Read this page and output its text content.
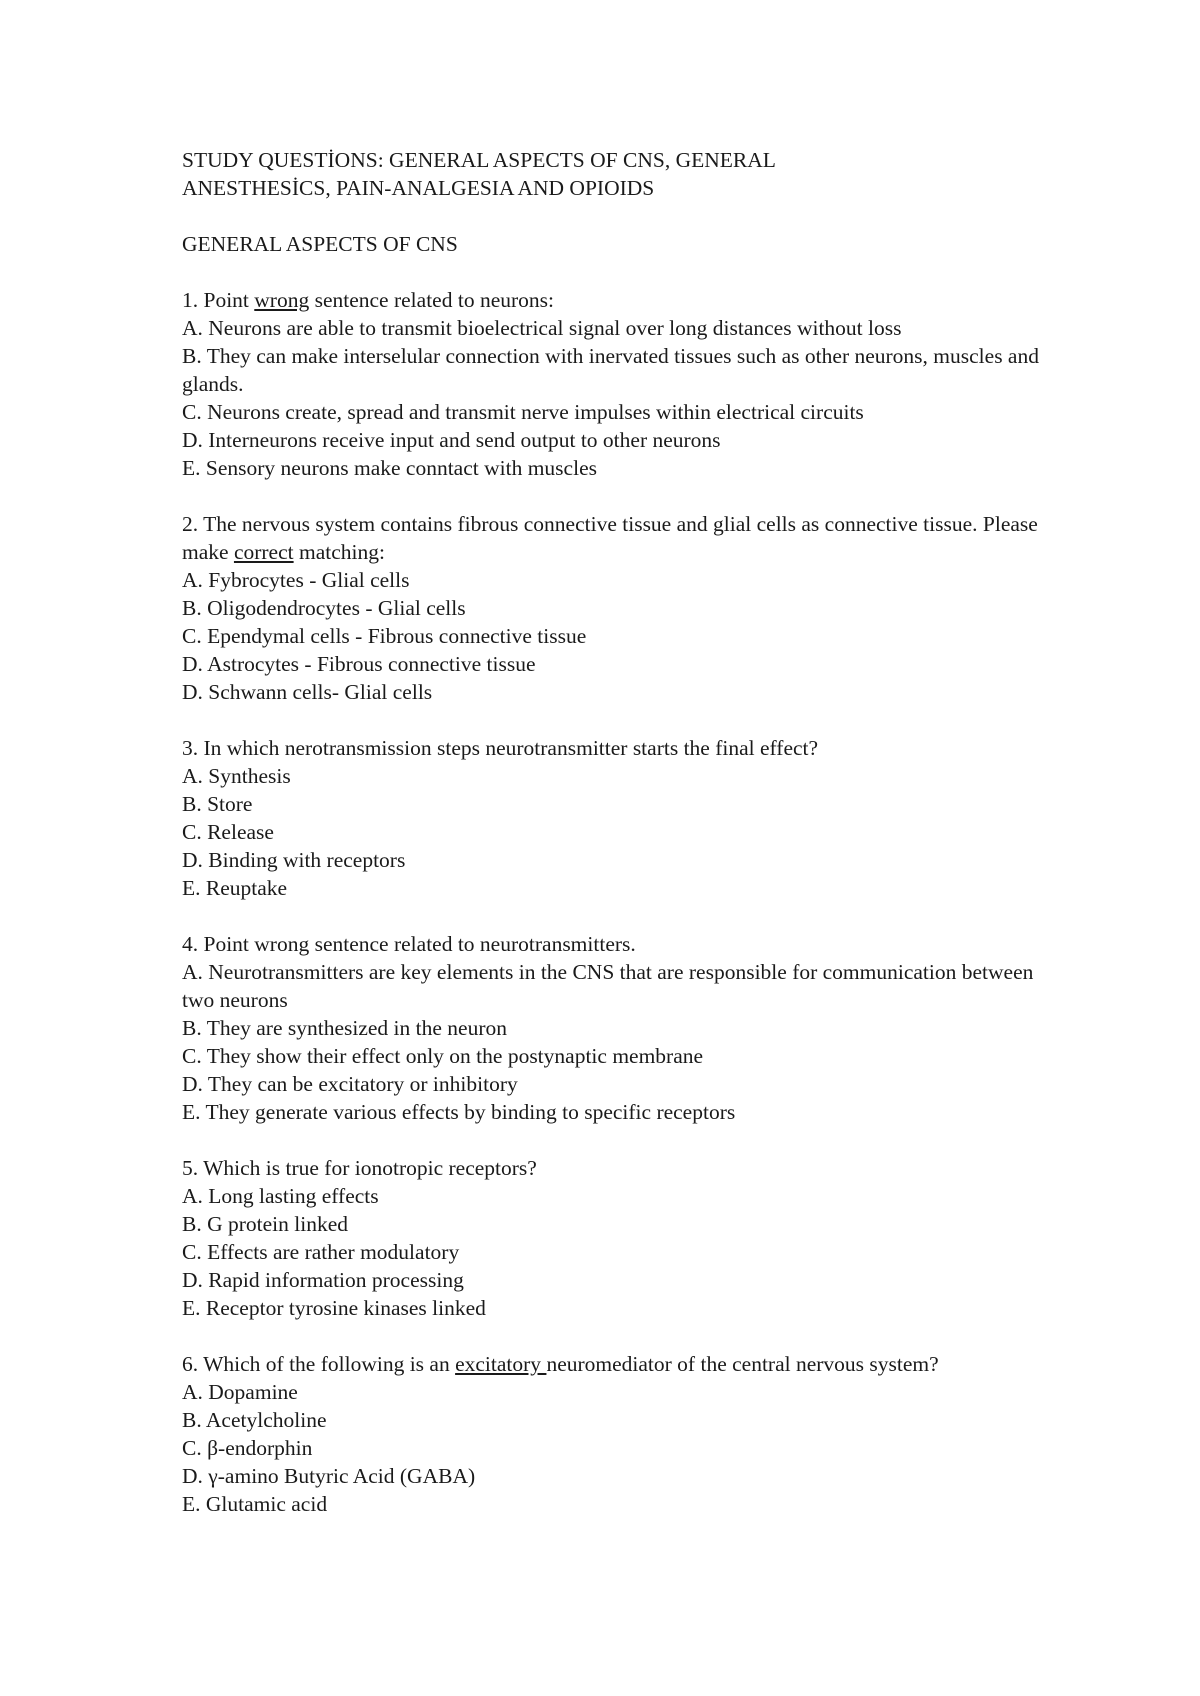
STUDY QUESTİONS: GENERAL ASPECTS OF CNS, GENERAL
ANESTHESİCS, PAIN-ANALGESIA AND OPIOIDS
GENERAL ASPECTS OF CNS
1. Point wrong sentence related to neurons:
A. Neurons are able to transmit bioelectrical signal over long distances without loss
B. They can make interselular connection with inervated tissues such as other neurons, muscles and glands.
C. Neurons create, spread and transmit nerve impulses within electrical circuits
D. Interneurons receive input and send output to other neurons
E. Sensory neurons make conntact with muscles
2. The nervous system contains fibrous connective tissue and glial cells as connective tissue. Please make correct matching:
A. Fybrocytes - Glial cells
B. Oligodendrocytes - Glial cells
C. Ependymal cells - Fibrous connective tissue
D. Astrocytes - Fibrous connective tissue
D. Schwann cells- Glial cells
3. In which nerotransmission steps neurotransmitter starts the final effect?
A. Synthesis
B. Store
C. Release
D. Binding with receptors
E. Reuptake
4. Point wrong sentence related to neurotransmitters.
A. Neurotransmitters are key elements in the CNS that are responsible for communication between two neurons
B. They are synthesized in the neuron
C. They show their effect only on the postynaptic membrane
D. They can be excitatory or inhibitory
E. They generate various effects by binding to specific receptors
5. Which is true for ionotropic receptors?
A. Long lasting effects
B. G protein linked
C. Effects are rather modulatory
D. Rapid information processing
E. Receptor tyrosine kinases linked
6. Which of the following is an excitatory neuromediator of the central nervous system?
A. Dopamine
B. Acetylcholine
C. β-endorphin
D. γ-amino Butyric Acid (GABA)
E. Glutamic acid
